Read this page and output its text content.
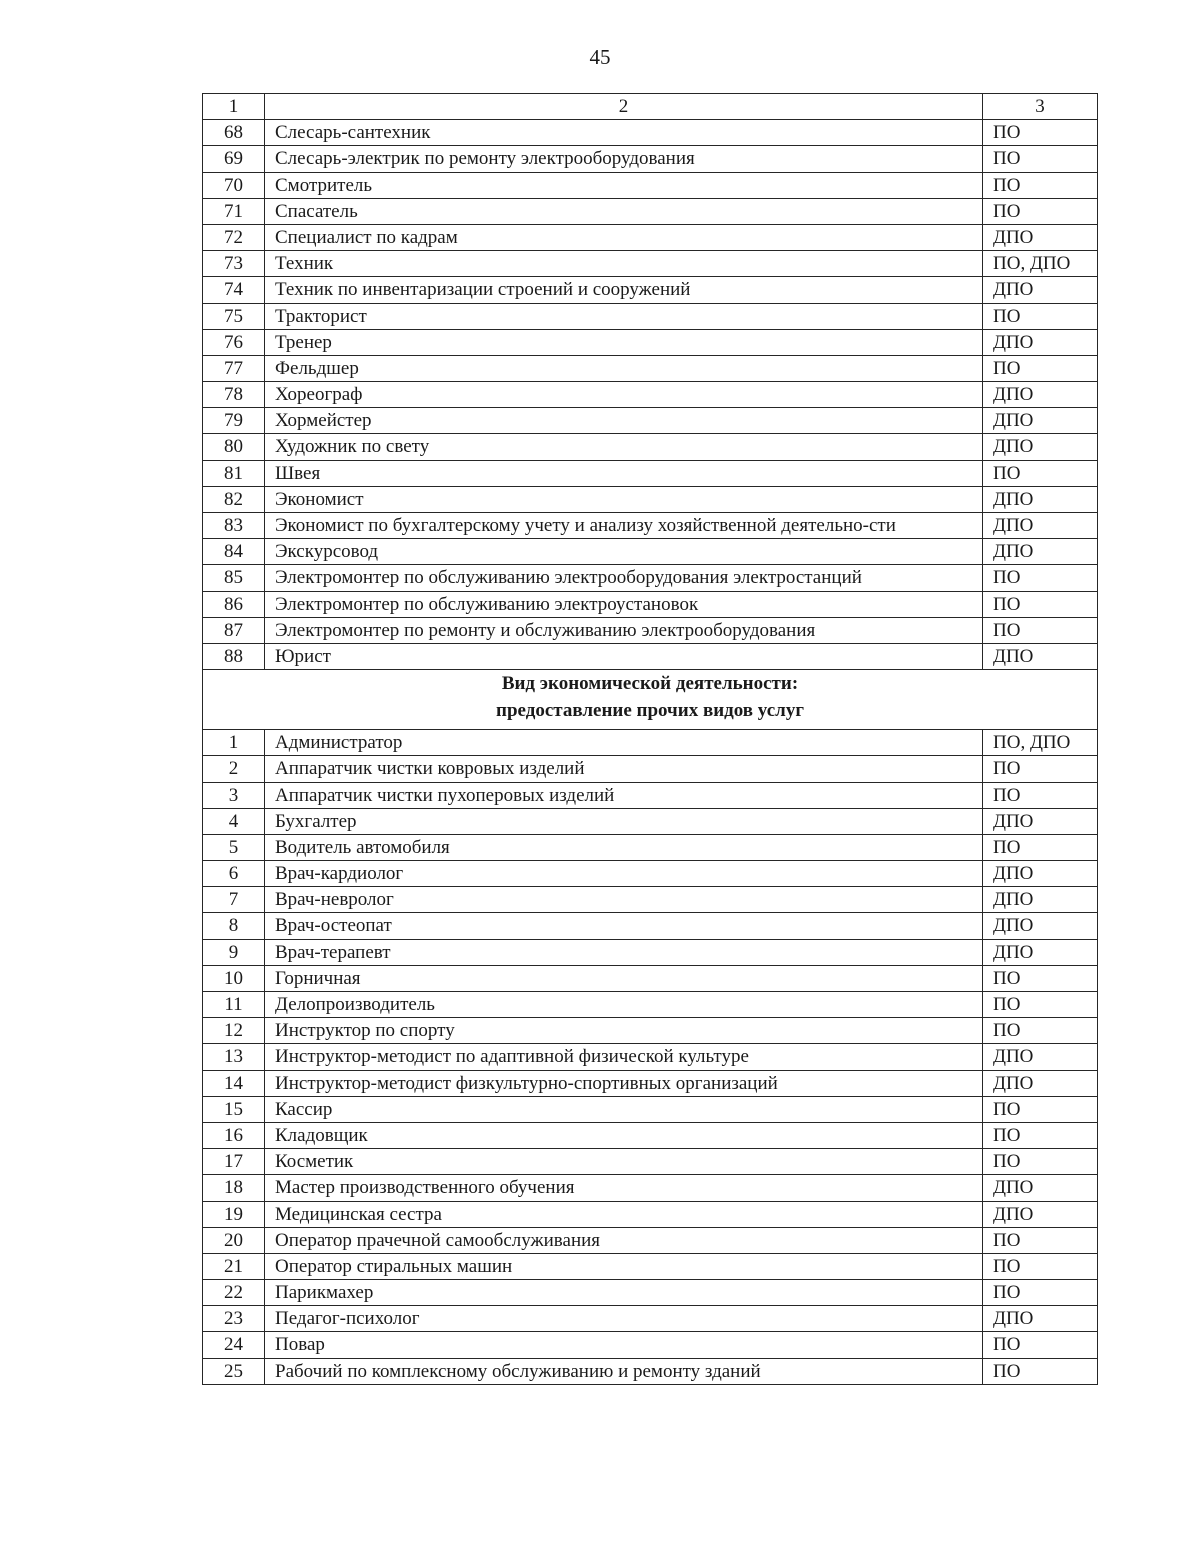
45
1	2	3
68	Слесарь-сантехник	ПО
69	Слесарь-электрик по ремонту электрооборудования	ПО
70	Смотритель	ПО
71	Спасатель	ПО
72	Специалист по кадрам	ДПО
73	Техник	ПО, ДПО
74	Техник по инвентаризации строений и сооружений	ДПО
75	Тракторист	ПО
76	Тренер	ДПО
77	Фельдшер	ПО
78	Хореограф	ДПО
79	Хормейстер	ДПО
80	Художник по свету	ДПО
81	Швея	ПО
82	Экономист	ДПО
83	Экономист по бухгалтерскому учету и анализу хозяйственной деятельно-сти	ДПО
84	Экскурсовод	ДПО
85	Электромонтер по обслуживанию электрооборудования электростанций	ПО
86	Электромонтер по обслуживанию электроустановок	ПО
87	Электромонтер по ремонту и обслуживанию электрооборудования	ПО
88	Юрист	ДПО

Вид экономической деятельности:
предоставление прочих видов услуг		

1	Администратор	ПО, ДПО
2	Аппаратчик чистки ковровых изделий	ПО
3	Аппаратчик чистки пухоперовых изделий	ПО
4	Бухгалтер	ДПО
5	Водитель автомобиля	ПО
6	Врач-кардиолог	ДПО
7	Врач-невролог	ДПО
8	Врач-остеопат	ДПО
9	Врач-терапевт	ДПО
10	Горничная	ПО
11	Делопроизводитель	ПО
12	Инструктор по спорту	ПО
13	Инструктор-методист по адаптивной физической культуре	ДПО
14	Инструктор-методист физкультурно-спортивных организаций	ДПО
15	Кассир	ПО
16	Кладовщик	ПО
17	Косметик	ПО
18	Мастер производственного обучения	ДПО
19	Медицинская сестра	ДПО
20	Оператор прачечной самообслуживания	ПО
21	Оператор стиральных машин	ПО
22	Парикмахер	ПО
23	Педагог-психолог	ДПО
24	Повар	ПО
25	Рабочий по комплексному обслуживанию и ремонту зданий	ПО
